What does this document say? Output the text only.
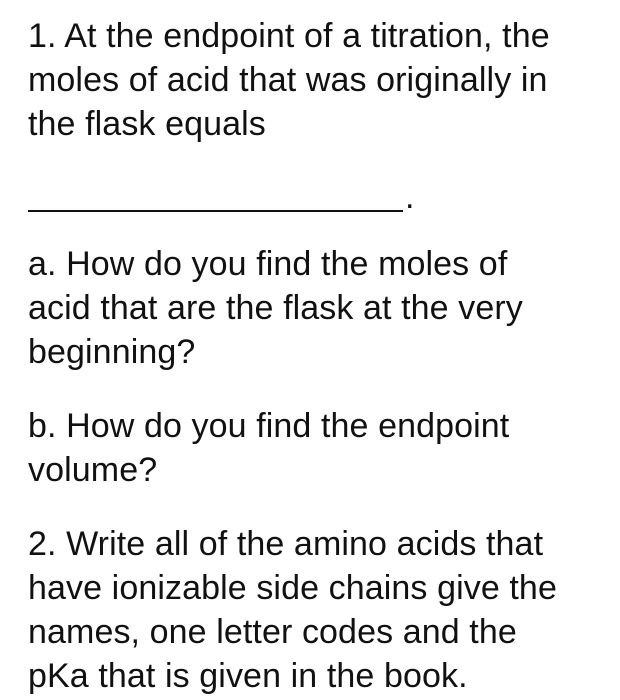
1. At the endpoint of a titration, the
moles of acid that was originally in
the flask equals
.
a. How do you find the moles of
acid that are the flask at the very
beginning?
b. How do you find the endpoint
volume?
2. Write all of the amino acids that
have ionizable side chains give the
names, one letter codes and the
pKa that is given in the book.
